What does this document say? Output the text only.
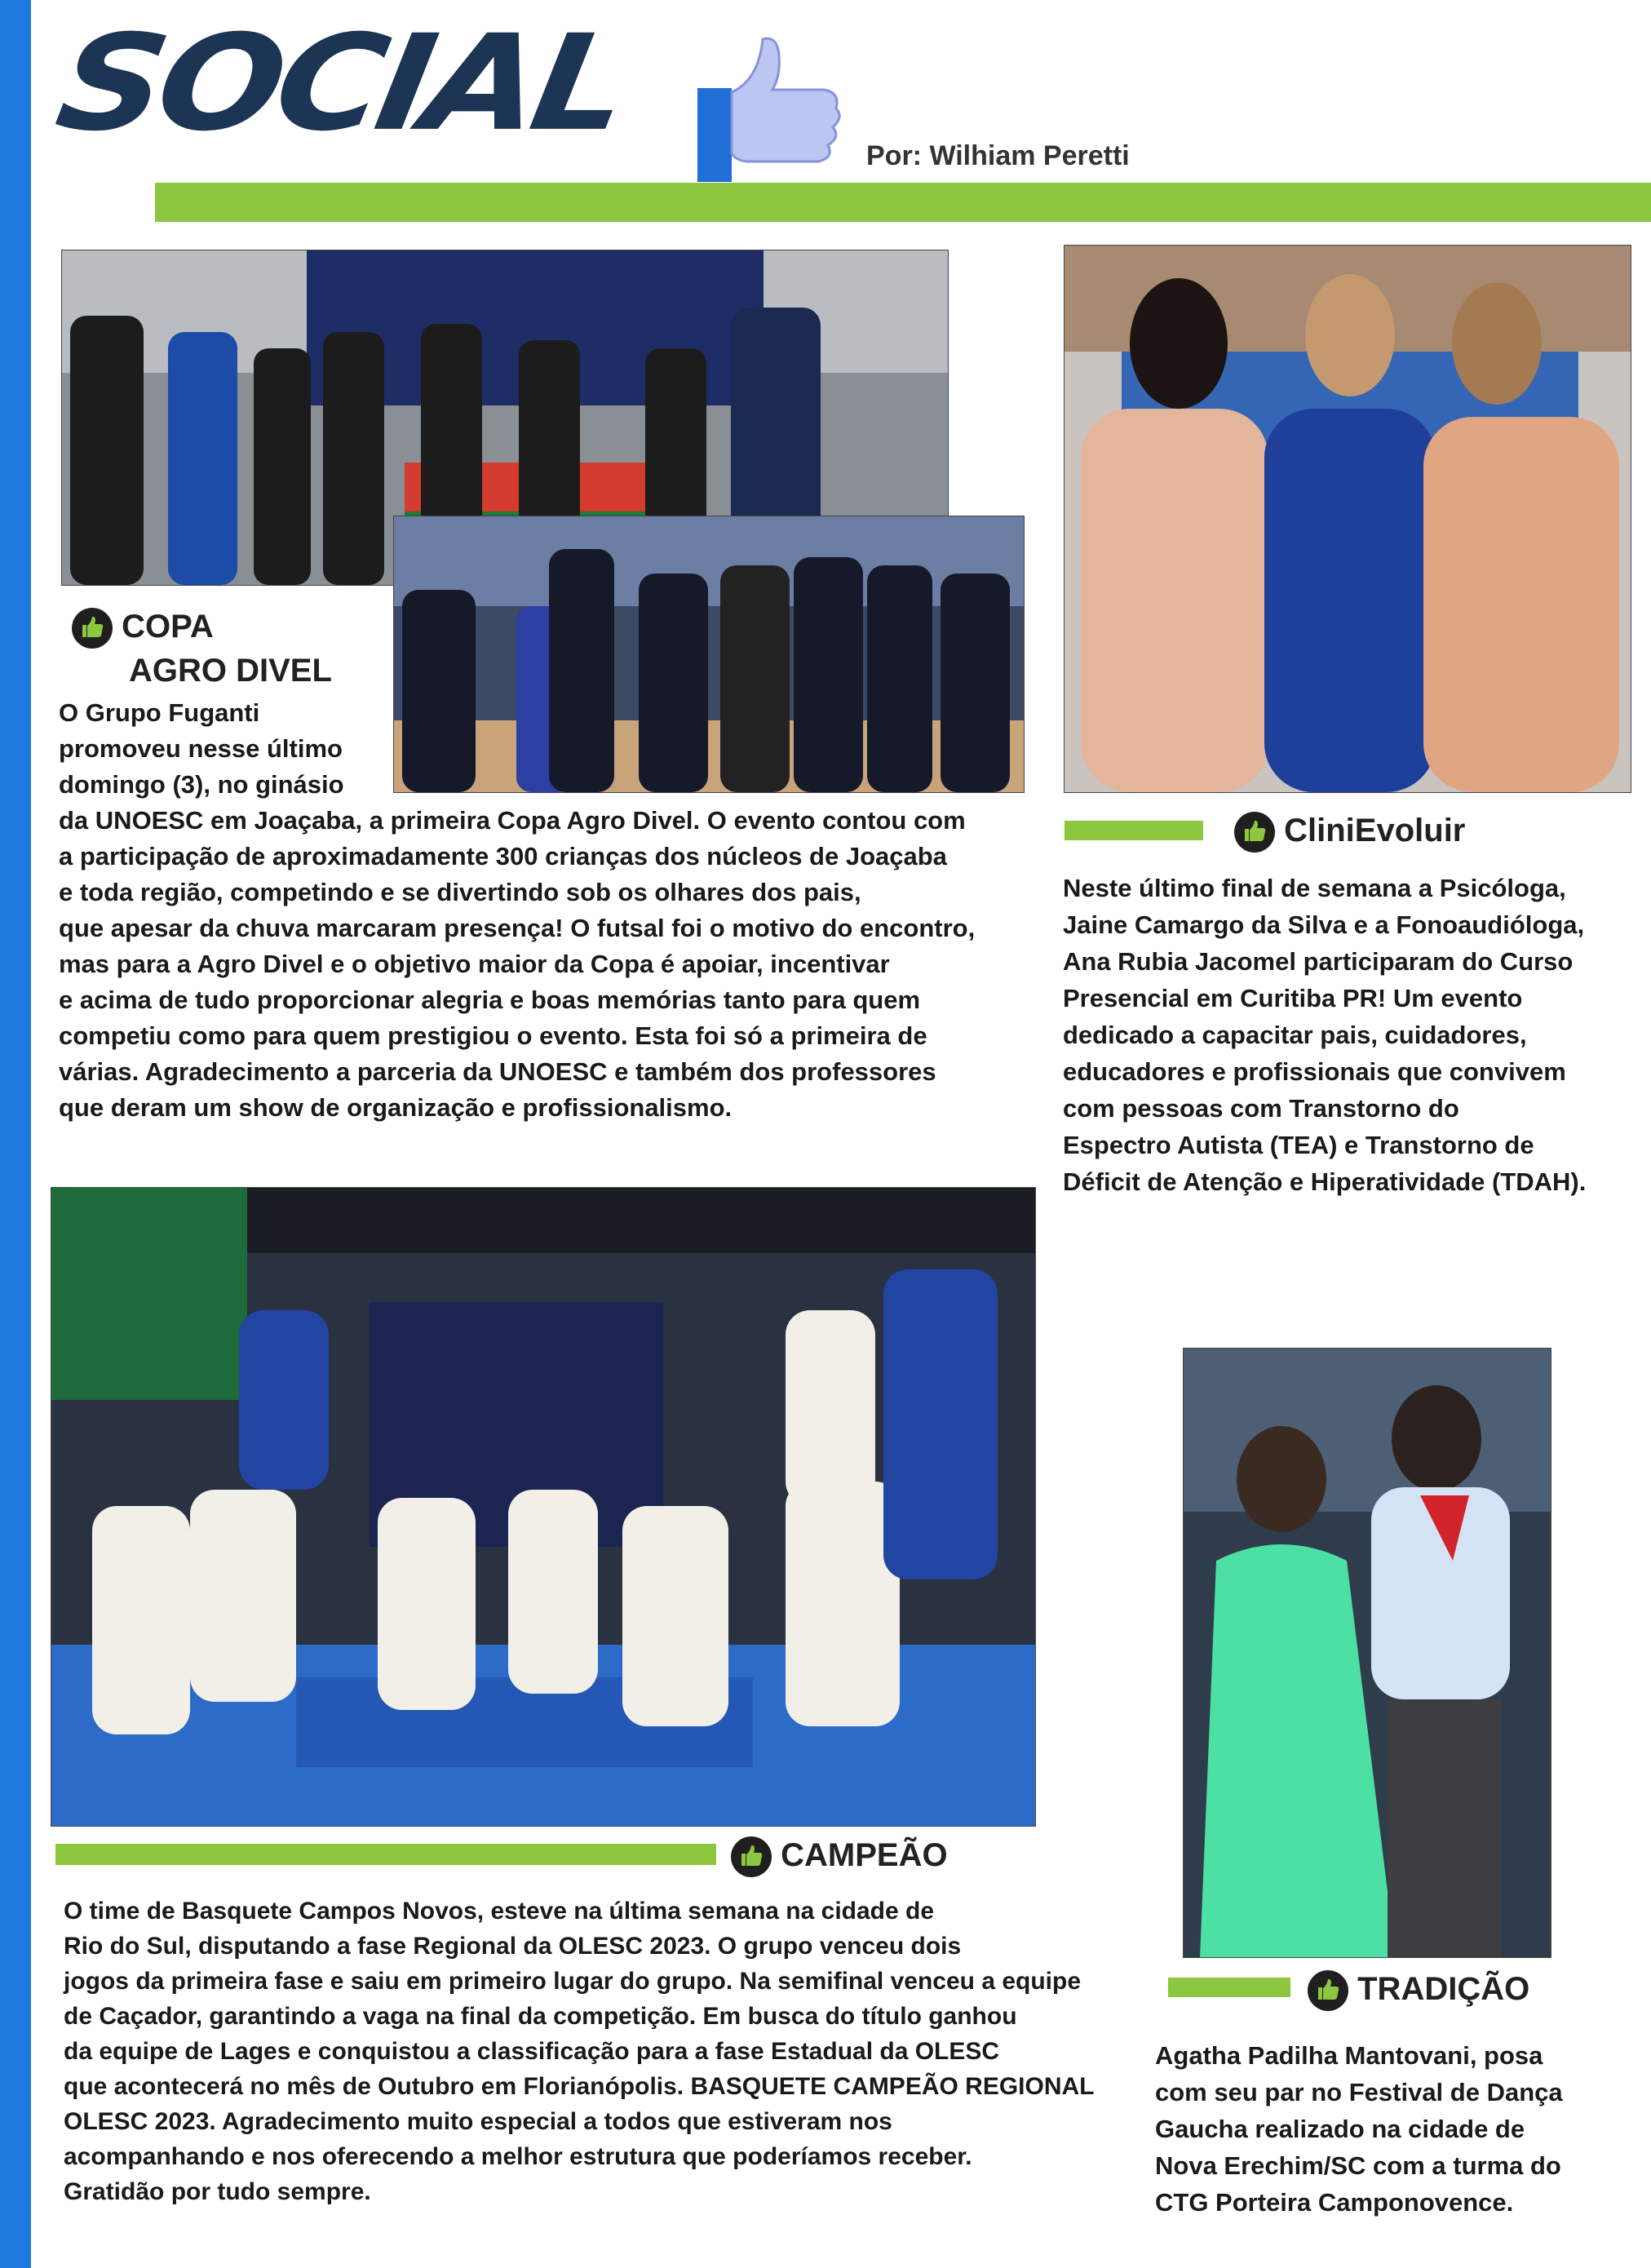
SOCIAL	Por: Wilhiam Peretti
COPA
AGRO DIVEL
O Grupo Fuganti
promoveu nesse último
domingo (3), no ginásio
da UNOESC em Joaçaba, a primeira Copa Agro Divel. O evento contou com
a participação de aproximadamente 300 crianças dos núcleos de Joaçaba
e toda região, competindo e se divertindo sob os olhares dos pais,
que apesar da chuva marcaram presença! O futsal foi o motivo do encontro,
mas para a Agro Divel e o objetivo maior da Copa é apoiar, incentivar
e acima de tudo proporcionar alegria e boas memórias tanto para quem
competiu como para quem prestigiou o evento. Esta foi só a primeira de
várias. Agradecimento a parceria da UNOESC e também dos professores
que deram um show de organização e profissionalismo.
CliniEvoluir
Neste último final de semana a Psicóloga,
Jaine Camargo da Silva e a Fonoaudióloga,
Ana Rubia Jacomel participaram do Curso
Presencial em Curitiba PR! Um evento
dedicado a capacitar pais, cuidadores,
educadores e profissionais que convivem
com pessoas com Transtorno do
Espectro Autista (TEA) e Transtorno de
Déficit de Atenção e Hiperatividade (TDAH).
CAMPEÃO
O time de Basquete Campos Novos, esteve na última semana na cidade de
Rio do Sul, disputando a fase Regional da OLESC 2023. O grupo venceu dois
jogos da primeira fase e saiu em primeiro lugar do grupo. Na semifinal venceu a equipe
de Caçador, garantindo a vaga na final da competição. Em busca do título ganhou
da equipe de Lages e conquistou a classificação para a fase Estadual da OLESC
que acontecerá no mês de Outubro em Florianópolis. BASQUETE CAMPEÃO REGIONAL
OLESC 2023. Agradecimento muito especial a todos que estiveram nos
acompanhando e nos oferecendo a melhor estrutura que poderíamos receber.
Gratidão por tudo sempre.
TRADIÇÃO
Agatha Padilha Mantovani, posa
com seu par no Festival de Dança
Gaucha realizado na cidade de
Nova Erechim/SC com a turma do
CTG Porteira Camponovence.
